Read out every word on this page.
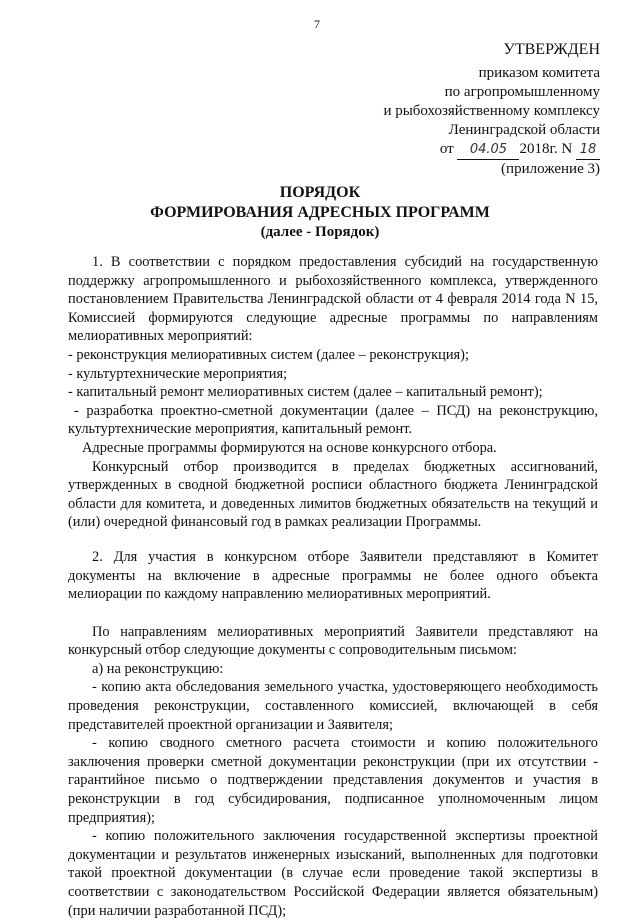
7
УТВЕРЖДЕН
приказом комитета
по агропромышленному
и рыбохозяйственному комплексу
Ленинградской области
от 04.05 2018г. N 18
(приложение 3)
ПОРЯДОК
ФОРМИРОВАНИЯ АДРЕСНЫХ ПРОГРАММ
(далее - Порядок)

1. В соответствии с порядком предоставления субсидий на государственную поддержку агропромышленного и рыбохозяйственного комплекса, утвержденного постановлением Правительства Ленинградской области от 4 февраля 2014 года N 15, Комиссией формируются следующие адресные программы по направлениям мелиоративных мероприятий:

- реконструкция мелиоративных систем (далее – реконструкция);

- культуртехнические мероприятия;

- капитальный ремонт мелиоративных систем (далее – капитальный ремонт);

- разработка проектно-сметной документации (далее – ПСД) на реконструкцию, культуртехнические мероприятия, капитальный ремонт.

Адресные программы формируются на основе конкурсного отбора.

Конкурсный отбор производится в пределах бюджетных ассигнований, утвержденных в сводной бюджетной росписи областного бюджета Ленинградской области для комитета, и доведенных лимитов бюджетных обязательств на текущий и (или) очередной финансовый год в рамках реализации Программы.

2. Для участия в конкурсном отборе Заявители представляют в Комитет документы на включение в адресные программы не более одного объекта мелиорации по каждому направлению мелиоративных мероприятий.

По направлениям мелиоративных мероприятий Заявители представляют на конкурсный отбор следующие документы с сопроводительным письмом:

а) на реконструкцию:

- копию акта обследования земельного участка, удостоверяющего необходимость проведения реконструкции, составленного комиссией, включающей в себя представителей проектной организации и Заявителя;

- копию сводного сметного расчета стоимости и копию положительного заключения проверки сметной документации реконструкции (при их отсутствии - гарантийное письмо о подтверждении представления документов и участия в реконструкции в год субсидирования, подписанное уполномоченным лицом предприятия);

- копию положительного заключения государственной экспертизы проектной документации и результатов инженерных изысканий, выполненных для подготовки такой проектной документации (в случае если проведение такой экспертизы в соответствии с законодательством Российской Федерации является обязательным) (при наличии разработанной ПСД);
